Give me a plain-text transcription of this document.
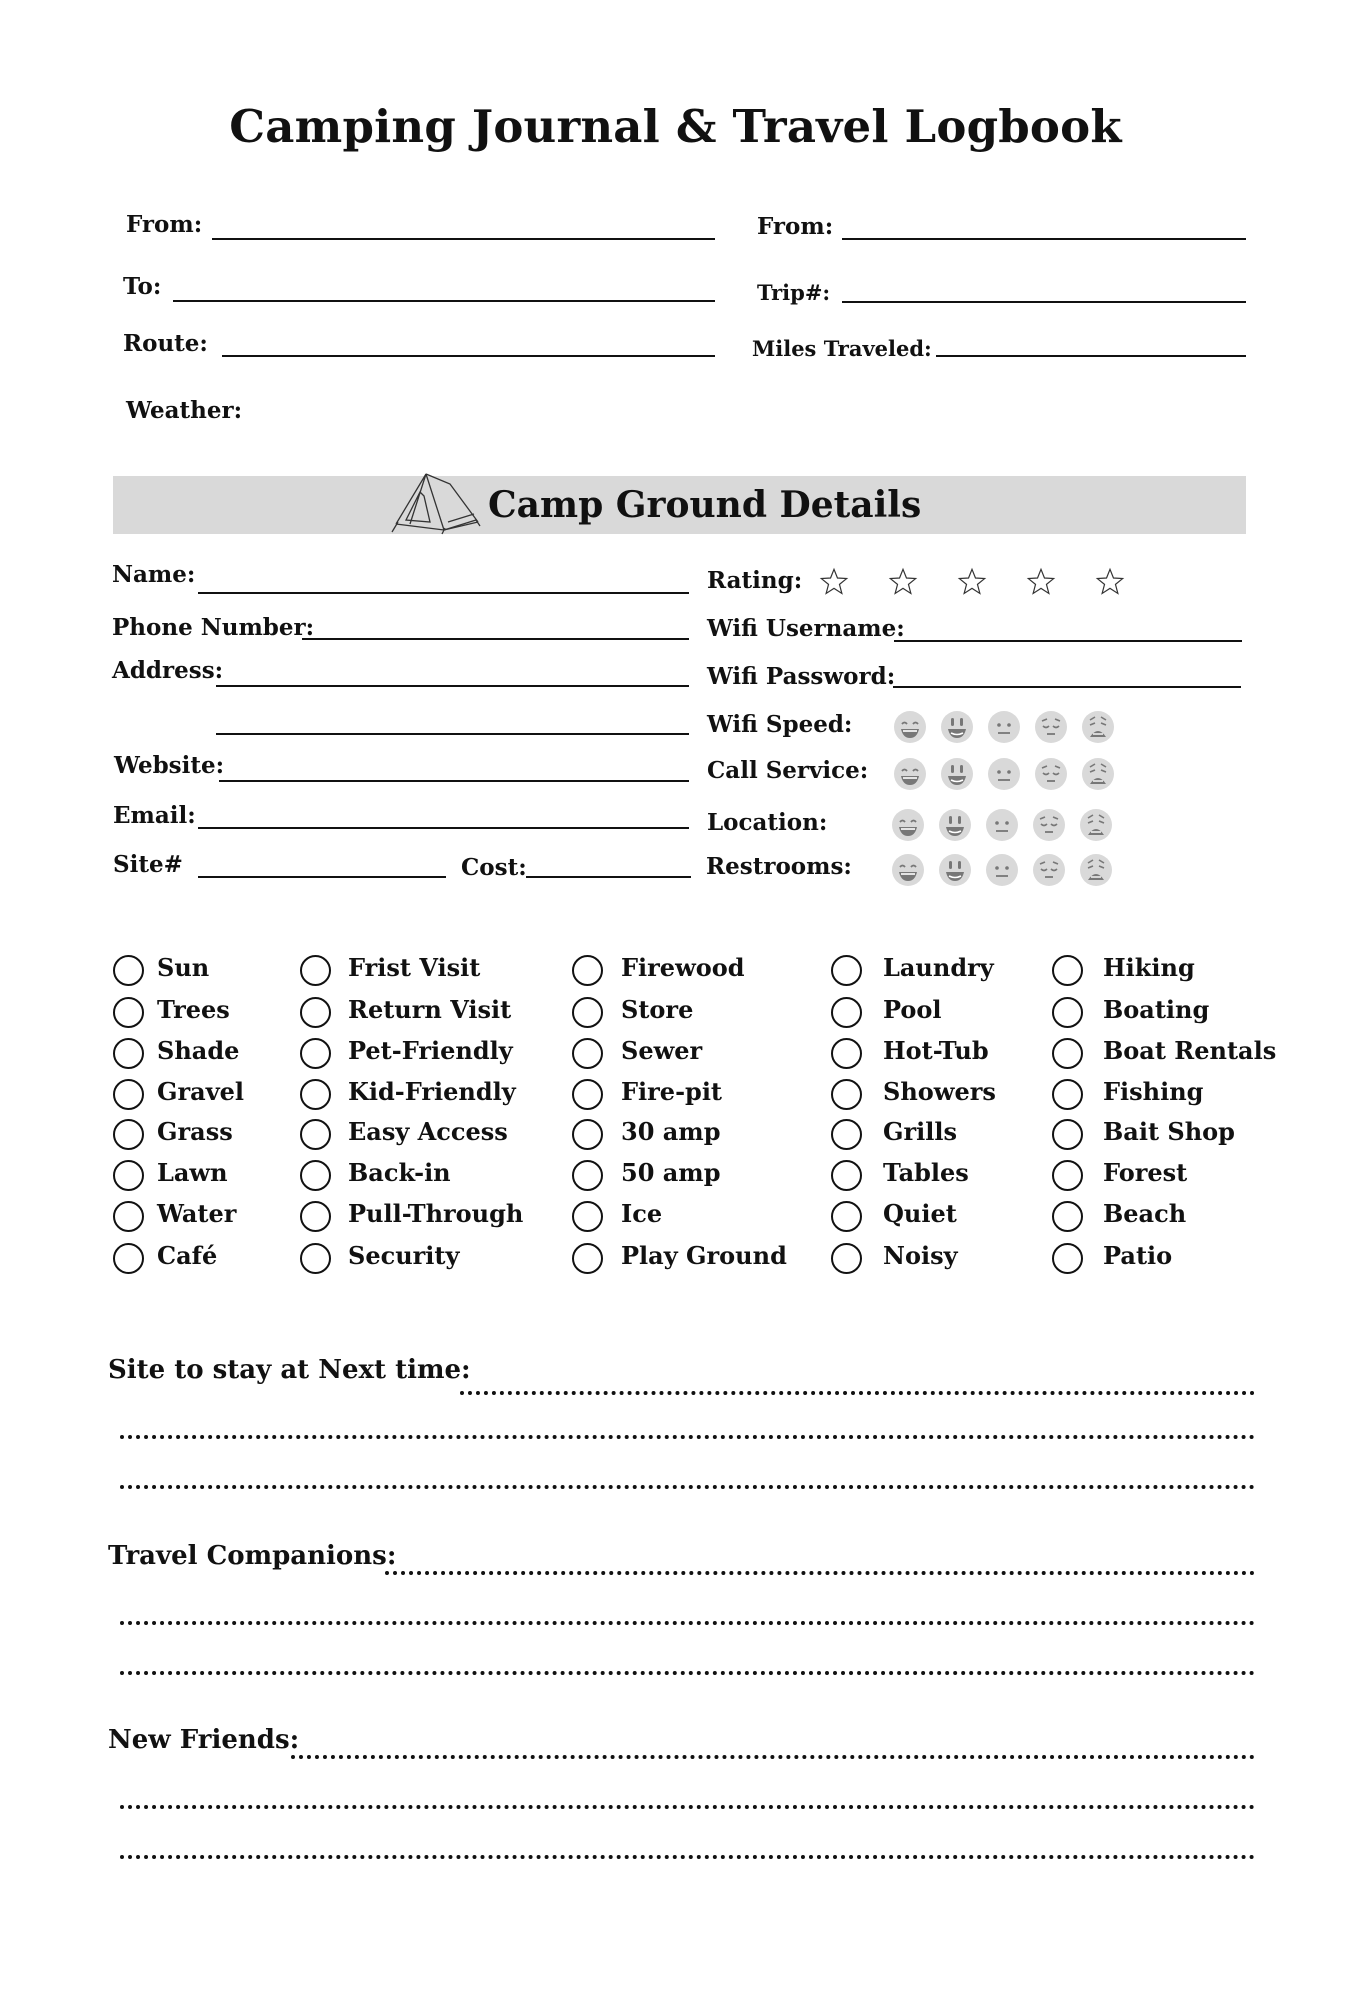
Camping Journal & Travel Logbook
From:
To:
Route:
Weather:
From:
Trip#:
Miles Traveled:
Camp Ground Details
Name:
Phone Number:
Address:
Website:
Email:
Site#	Cost:
Rating:
Wifi Username:
Wifi Password:
Wifi Speed:
Call Service:
Location:
Restrooms:
Sun
Trees
Shade
Gravel
Grass
Lawn
Water
Café
Frist Visit
Return Visit
Pet-Friendly
Kid-Friendly
Easy Access
Back-in
Pull-Through
Security
Firewood
Store
Sewer
Fire-pit
30 amp
50 amp
Ice
Play Ground
Laundry
Pool
Hot-Tub
Showers
Grills
Tables
Quiet
Noisy
Hiking
Boating
Boat Rentals
Fishing
Bait Shop
Forest
Beach
Patio
Site to stay at Next time:
Travel Companions:
New Friends:
